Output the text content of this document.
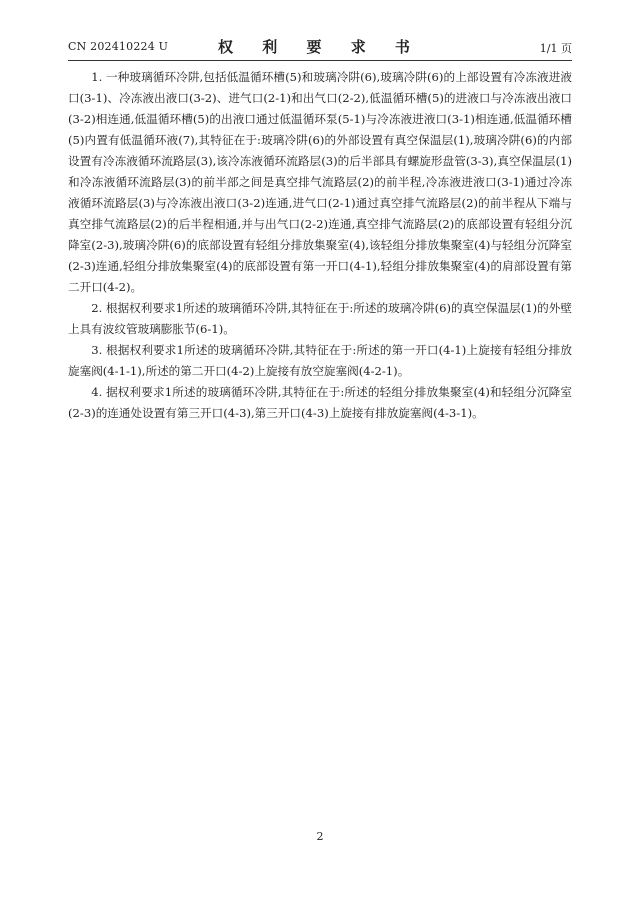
CN 202410224 U	权 利 要 求 书	1/1 页

1. 一种玻璃循环冷阱,包括低温循环槽(5)和玻璃冷阱(6),玻璃冷阱(6)的上部设置有冷冻液进液口(3-1)、冷冻液出液口(3-2)、进气口(2-1)和出气口(2-2),低温循环槽(5)的进液口与冷冻液出液口(3-2)相连通,低温循环槽(5)的出液口通过低温循环泵(5-1)与冷冻液进液口(3-1)相连通,低温循环槽(5)内置有低温循环液(7),其特征在于:玻璃冷阱(6)的外部设置有真空保温层(1),玻璃冷阱(6)的内部设置有冷冻液循环流路层(3),该冷冻液循环流路层(3)的后半部具有螺旋形盘管(3-3),真空保温层(1)和冷冻液循环流路层(3)的前半部之间是真空排气流路层(2)的前半程,冷冻液进液口(3-1)通过冷冻液循环流路层(3)与冷冻液出液口(3-2)连通,进气口(2-1)通过真空排气流路层(2)的前半程从下端与真空排气流路层(2)的后半程相通,并与出气口(2-2)连通,真空排气流路层(2)的底部设置有轻组分沉降室(2-3),玻璃冷阱(6)的底部设置有轻组分排放集聚室(4),该轻组分排放集聚室(4)与轻组分沉降室(2-3)连通,轻组分排放集聚室(4)的底部设置有第一开口(4-1),轻组分排放集聚室(4)的肩部设置有第二开口(4-2)。

2. 根据权利要求1所述的玻璃循环冷阱,其特征在于:所述的玻璃冷阱(6)的真空保温层(1)的外壁上具有波纹管玻璃膨胀节(6-1)。

3. 根据权利要求1所述的玻璃循环冷阱,其特征在于:所述的第一开口(4-1)上旋接有轻组分排放旋塞阀(4-1-1),所述的第二开口(4-2)上旋接有放空旋塞阀(4-2-1)。

4. 据权利要求1所述的玻璃循环冷阱,其特征在于:所述的轻组分排放集聚室(4)和轻组分沉降室(2-3)的连通处设置有第三开口(4-3),第三开口(4-3)上旋接有排放旋塞阀(4-3-1)。

2
